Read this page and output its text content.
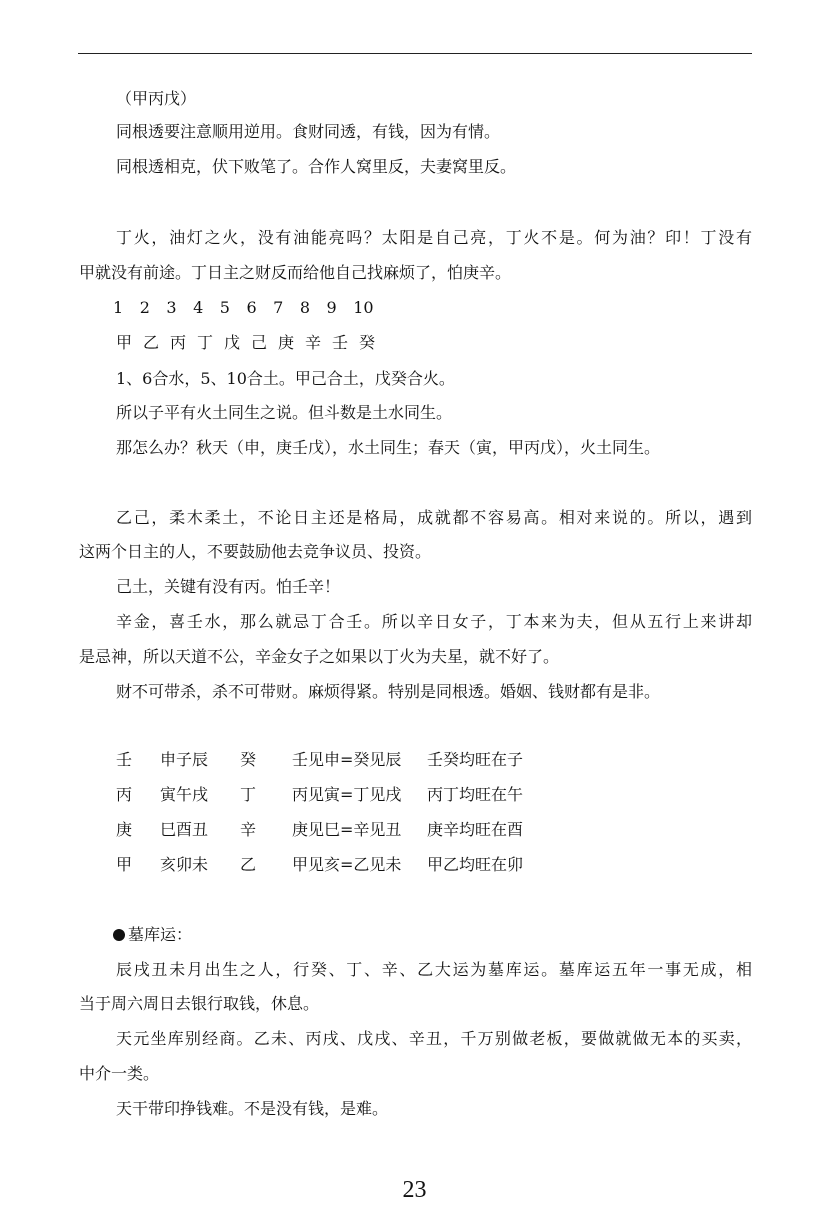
（甲丙戊）
同根透要注意顺用逆用。食财同透，有钱，因为有情。
同根透相克，伏下败笔了。合作人窝里反，夫妻窝里反。
丁火，油灯之火，没有油能亮吗？太阳是自己亮，丁火不是。何为油？印！丁没有
甲就没有前途。丁日主之财反而给他自己找麻烦了，怕庚辛。
1 2 3 4 5 6 7 8 9 10
甲 乙 丙 丁 戊 己 庚 辛 壬 癸
1、6合水，5、10合土。甲己合土，戊癸合火。
所以子平有火土同生之说。但斗数是土水同生。
那怎么办？秋天（申，庚壬戊），水土同生；春天（寅，甲丙戊），火土同生。
乙己，柔木柔土，不论日主还是格局，成就都不容易高。相对来说的。所以，遇到
这两个日主的人，不要鼓励他去竞争议员、投资。
己土，关键有没有丙。怕壬辛！
辛金，喜壬水，那么就忌丁合壬。所以辛日女子，丁本来为夫，但从五行上来讲却
是忌神，所以天道不公，辛金女子之如果以丁火为夫星，就不好了。
财不可带杀，杀不可带财。麻烦得紧。特别是同根透。婚姻、钱财都有是非。
壬 申子辰 癸 壬见申=癸见辰 壬癸均旺在子
丙 寅午戌 丁 丙见寅=丁见戌 丙丁均旺在午
庚 巳酉丑 辛 庚见巳=辛见丑 庚辛均旺在酉
甲 亥卯未 乙 甲见亥=乙见未 甲乙均旺在卯
墓库运：
辰戌丑未月出生之人，行癸、丁、辛、乙大运为墓库运。墓库运五年一事无成，相
当于周六周日去银行取钱，休息。
天元坐库别经商。乙未、丙戌、戊戌、辛丑，千万别做老板，要做就做无本的买卖，
中介一类。
天干带印挣钱难。不是没有钱，是难。
23
